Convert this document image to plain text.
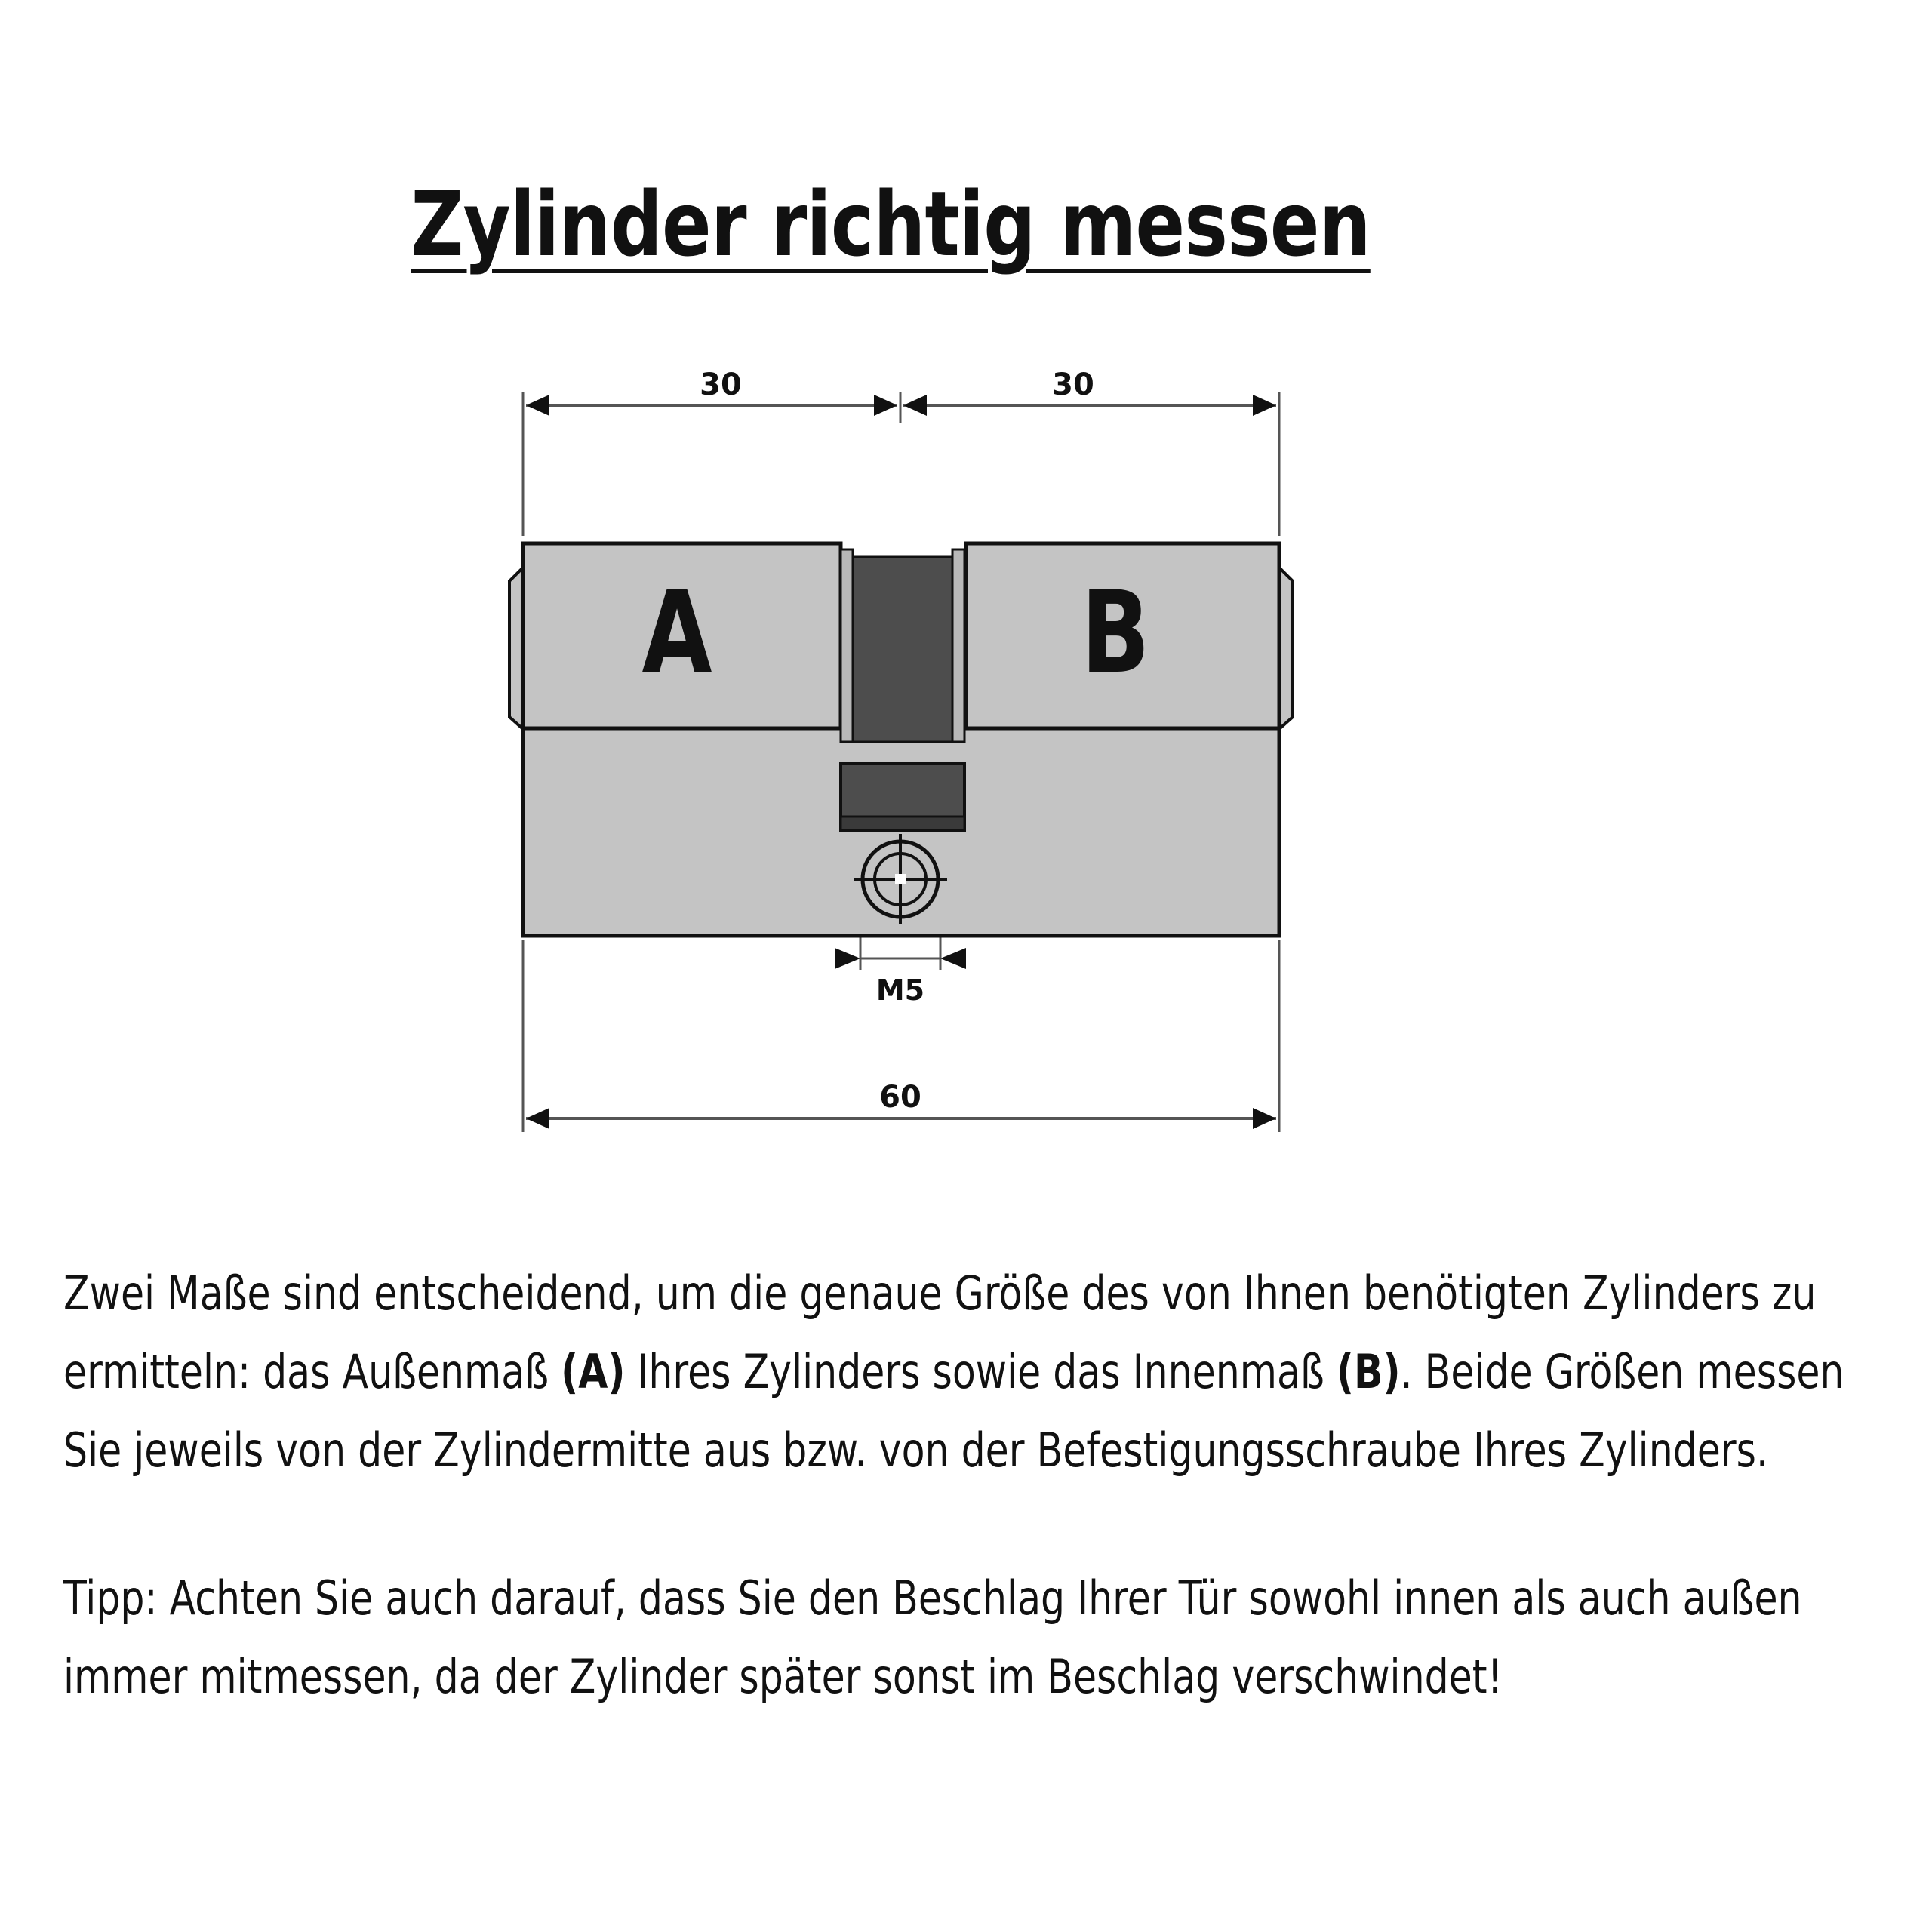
Zylinder richtig messen
30	30
A	B
M5
60
Zwei Maße sind entscheidend, um die genaue Größe des von Ihnen benötigten Zylinders zu
ermitteln: das Außenmaß (A) Ihres Zylinders sowie das Innenmaß (B). Beide Größen messen
Sie jeweils von der Zylindermitte aus bzw. von der Befestigungsschraube Ihres Zylinders.
Tipp: Achten Sie auch darauf, dass Sie den Beschlag Ihrer Tür sowohl innen als auch außen
immer mitmessen, da der Zylinder später sonst im Beschlag verschwindet!
